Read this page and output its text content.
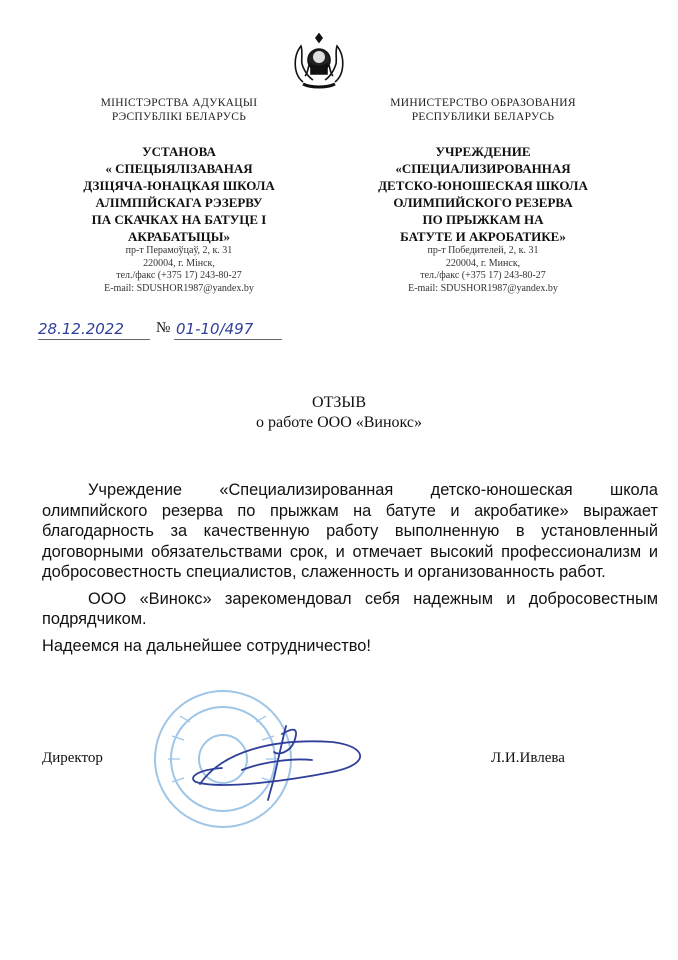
МІНІСТЭРСТВА АДУКАЦЫІ
РЭСПУБЛІКІ БЕЛАРУСЬ
УСТАНОВА
« СПЕЦЫЯЛІЗАВАНАЯ
ДЗІЦЯЧА-ЮНАЦКАЯ ШКОЛА
АЛІМПІЙСКАГА РЭЗЕРВУ
ПА СКАЧКАХ НА БАТУЦЕ І
АКРАБАТЫЦЫ»
пр-т Перамоўцаў, 2, к. 31
220004, г. Мінск,
тел./факс (+375 17) 243-80-27
E-mail: SDUSHOR1987@yandex.by
МИНИСТЕРСТВО ОБРАЗОВАНИЯ
РЕСПУБЛИКИ БЕЛАРУСЬ
УЧРЕЖДЕНИЕ
«СПЕЦИАЛИЗИРОВАННАЯ
ДЕТСКО-ЮНОШЕСКАЯ ШКОЛА
ОЛИМПИЙСКОГО РЕЗЕРВА
ПО ПРЫЖКАМ НА
БАТУТЕ И АКРОБАТИКЕ»
пр-т Победителей, 2, к. 31
220004, г. Минск,
тел./факс (+375 17) 243-80-27
E-mail: SDUSHOR1987@yandex.by
28.12.2022 № 01-10/497
ОТЗЫВ
о работе ООО «Винокс»

Учреждение «Специализированная детско-юношеская школа олимпийского резерва по прыжкам на батуте и акробатике» выражает благодарность за качественную работу выполненную в установленный договорными обязательствами срок, и отмечает высокий профессионализм и добросовестность специалистов, слаженность и организованность работ.

ООО «Винокс» зарекомендовал себя надежным и добросовестным подрядчиком.

Надеемся на дальнейшее сотрудничество!

Директор	Л.И.Ивлева
